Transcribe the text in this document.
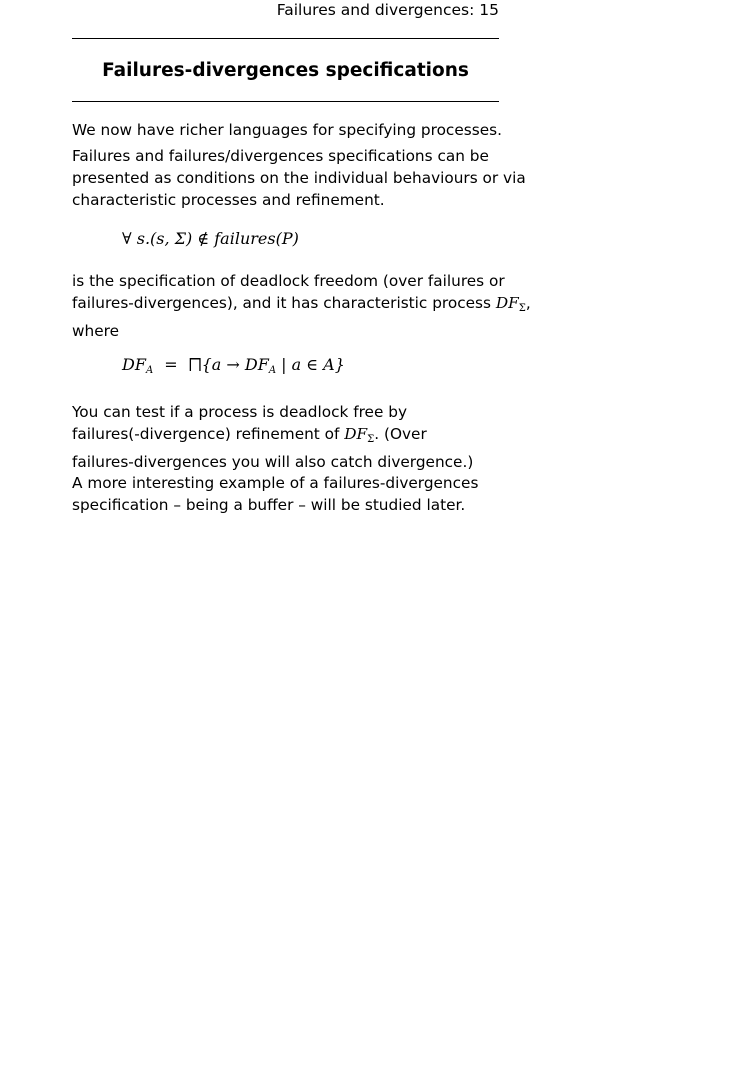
Failures and divergences: 15
Failures-divergences specifications
We now have richer languages for specifying processes.
Failures and failures/divergences specifications can be
presented as conditions on the individual behaviours or via
characteristic processes and refinement.
∀ s.(s, Σ) ∉ failures(P)
is the specification of deadlock freedom (over failures or
failures-divergences), and it has characteristic process $DF_\Sigma$,
where
$DF_A$ = ⨅{a → $DF_A$ | a ∈ A}
You can test if a process is deadlock free by
failures(-divergence) refinement of $DF_\Sigma$. (Over
failures-divergences you will also catch divergence.)
A more interesting example of a failures-divergences
specification – being a buffer – will be studied later.
